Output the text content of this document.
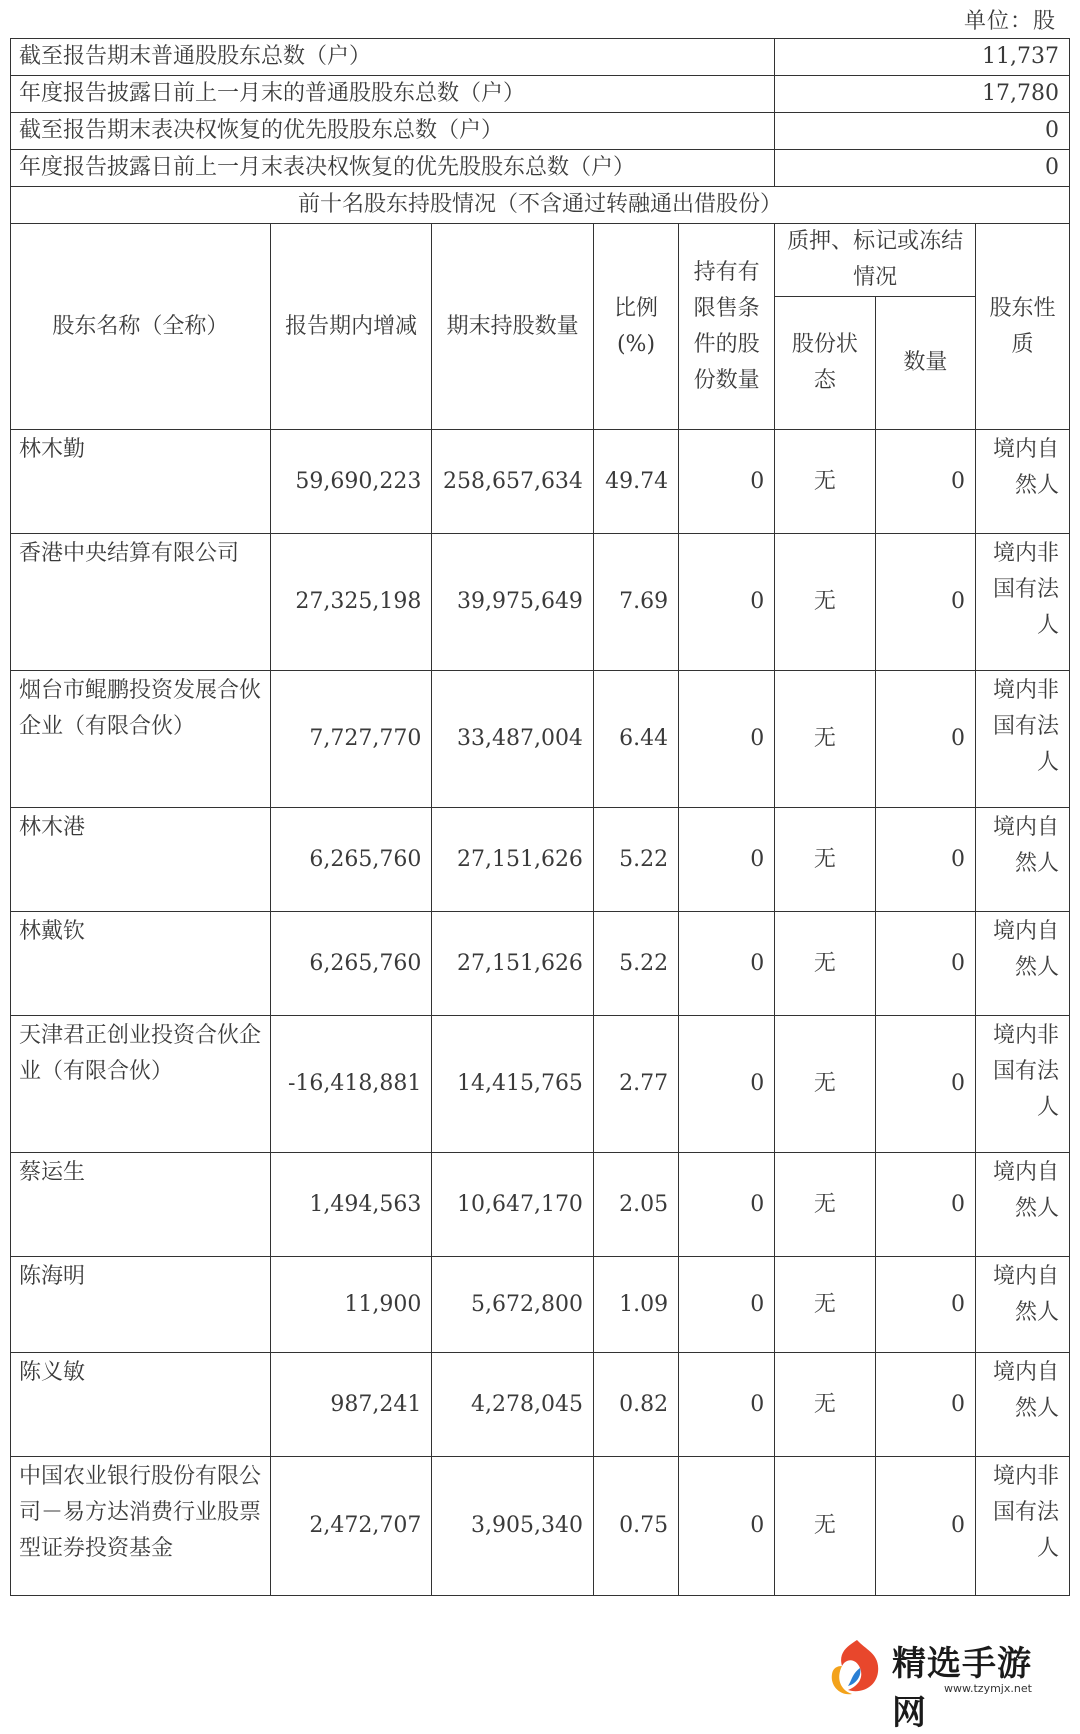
单位：股
截至报告期末普通股股东总数（户）					11,737		
年度报告披露日前上一月末的普通股股东总数（户）					17,780		
截至报告期末表决权恢复的优先股股东总数（户）					0		
年度报告披露日前上一月末表决权恢复的优先股股东总数（户）					0		
前十名股东持股情况（不含通过转融通出借股份）							
股东名称（全称）	报告期内增减	期末持股数量	比例(%)	持有有限售条件的股份数量	质押、标记或冻结情况		股东性质
					股份状态	数量	
林木勤	59,690,223	258,657,634	49.74	0	无	0	境内自然人
香港中央结算有限公司	27,325,198	39,975,649	7.69	0	无	0	境内非国有法人
烟台市鲲鹏投资发展合伙企业（有限合伙）	7,727,770	33,487,004	6.44	0	无	0	境内非国有法人
林木港	6,265,760	27,151,626	5.22	0	无	0	境内自然人
林戴钦	6,265,760	27,151,626	5.22	0	无	0	境内自然人
天津君正创业投资合伙企业（有限合伙）	-16,418,881	14,415,765	2.77	0	无	0	境内非国有法人
蔡运生	1,494,563	10,647,170	2.05	0	无	0	境内自然人
陈海明	11,900	5,672,800	1.09	0	无	0	境内自然人
陈义敏	987,241	4,278,045	0.82	0	无	0	境内自然人
中国农业银行股份有限公司－易方达消费行业股票型证券投资基金	2,472,707	3,905,340	0.75	0	无	0	境内非国有法人
精选手游网
www.tzymjx.net
